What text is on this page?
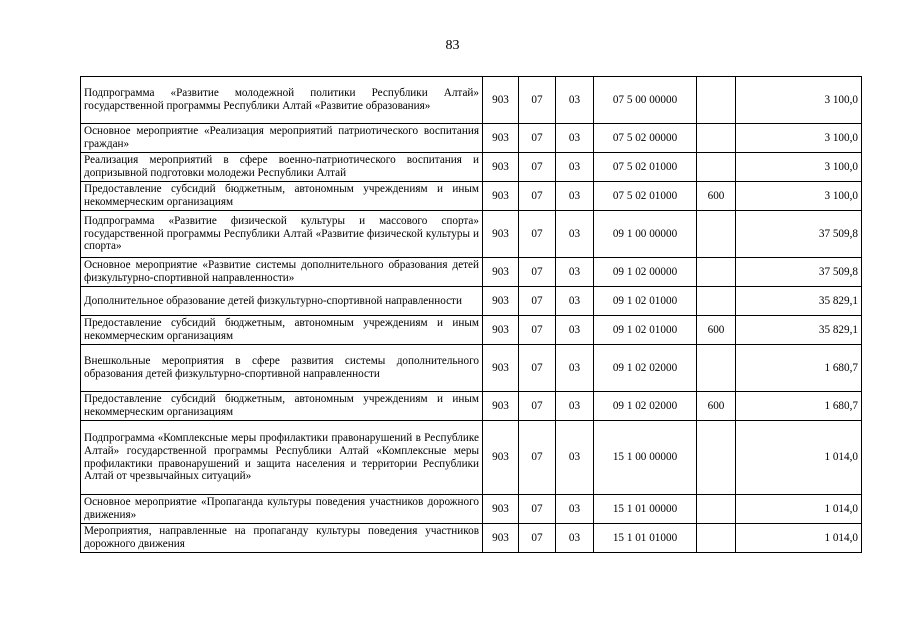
83
Подпрограмма «Развитие молодежной политики Республики Алтай» государственной программы Республики Алтай «Развитие образования»	903	07	03	07 5 00 00000		3 100,0
Основное мероприятие «Реализация мероприятий патриотического воспитания граждан»	903	07	03	07 5 02 00000		3 100,0
Реализация мероприятий в сфере военно-патриотического воспитания и допризывной подготовки молодежи Республики Алтай	903	07	03	07 5 02 01000		3 100,0
Предоставление субсидий бюджетным, автономным учреждениям и иным некоммерческим организациям	903	07	03	07 5 02 01000	600	3 100,0
Подпрограмма «Развитие физической культуры и массового спорта» государственной программы Республики Алтай «Развитие физической культуры и спорта»	903	07	03	09 1 00 00000		37 509,8
Основное мероприятие «Развитие системы дополнительного образования детей физкультурно-спортивной направленности»	903	07	03	09 1 02 00000		37 509,8
Дополнительное образование детей физкультурно-спортивной направленности	903	07	03	09 1 02 01000		35 829,1
Предоставление субсидий бюджетным, автономным учреждениям и иным некоммерческим организациям	903	07	03	09 1 02 01000	600	35 829,1
Внешкольные мероприятия в сфере развития системы дополнительного образования детей физкультурно-спортивной направленности	903	07	03	09 1 02 02000		1 680,7
Предоставление субсидий бюджетным, автономным учреждениям и иным некоммерческим организациям	903	07	03	09 1 02 02000	600	1 680,7
Подпрограмма «Комплексные меры профилактики правонарушений в Республике Алтай» государственной программы Республики Алтай «Комплексные меры профилактики правонарушений и защита населения и территории Республики Алтай от чрезвычайных ситуаций»	903	07	03	15 1 00 00000		1 014,0
Основное мероприятие «Пропаганда культуры поведения участников дорожного движения»	903	07	03	15 1 01 00000		1 014,0
Мероприятия, направленные на пропаганду культуры поведения участников дорожного движения	903	07	03	15 1 01 01000		1 014,0
